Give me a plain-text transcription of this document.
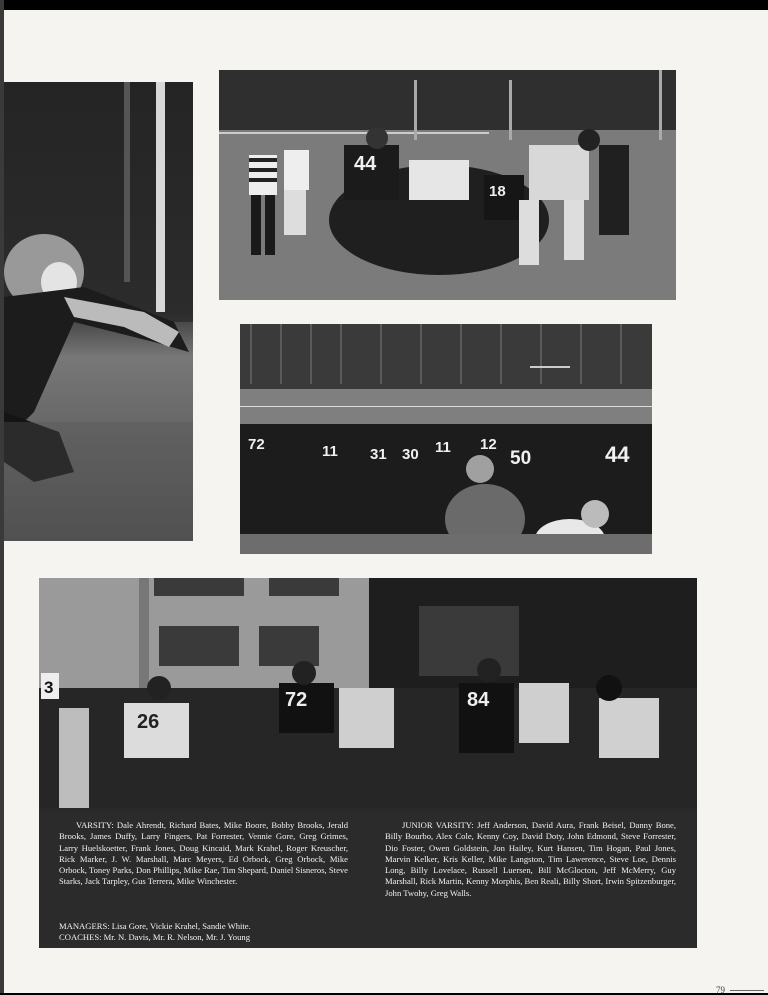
44
18
72	11 31 30 11 12
50	44
3
26
72	84

VARSITY: Dale Ahrendt, Richard Bates, Mike Boore, Bobby Brooks, Jerald Brooks, James Duffy, Larry Fingers, Pat Forrester, Vennie Gore, Greg Grimes, Larry Huelskoetter, Frank Jones, Doug Kincaid, Mark Krahel, Roger Kreuscher, Rick Marker, J. W. Marshall, Marc Meyers, Ed Orbock, Greg Orbock, Mike Orbock, Toney Parks, Don Phillips, Mike Rae, Tim Shepard, Daniel Sisneros, Steve Starks, Jack Tarpley, Gus Terrera, Mike Winchester.

MANAGERS: Lisa Gore, Vickie Krahel, Sandie White.
COACHES: Mr. N. Davis, Mr. R. Nelson, Mr. J. Young

JUNIOR VARSITY: Jeff Anderson, David Aura, Frank Beisel, Danny Bone, Billy Bourbo, Alex Cole, Kenny Coy, David Doty, John Edmond, Steve Forrester, Dio Foster, Owen Goldstein, Jon Hailey, Kurt Hansen, Tim Hogan, Paul Jones, Marvin Kelker, Kris Keller, Mike Langston, Tim Lawerence, Steve Loe, Dennis Long, Billy Lovelace, Russell Luersen, Bill McGlocton, Jeff McMerry, Guy Marshall, Rick Martin, Kenny Morphis, Ben Reali, Billy Short, Irwin Spitzenburger, John Twohy, Greg Walls.

79
